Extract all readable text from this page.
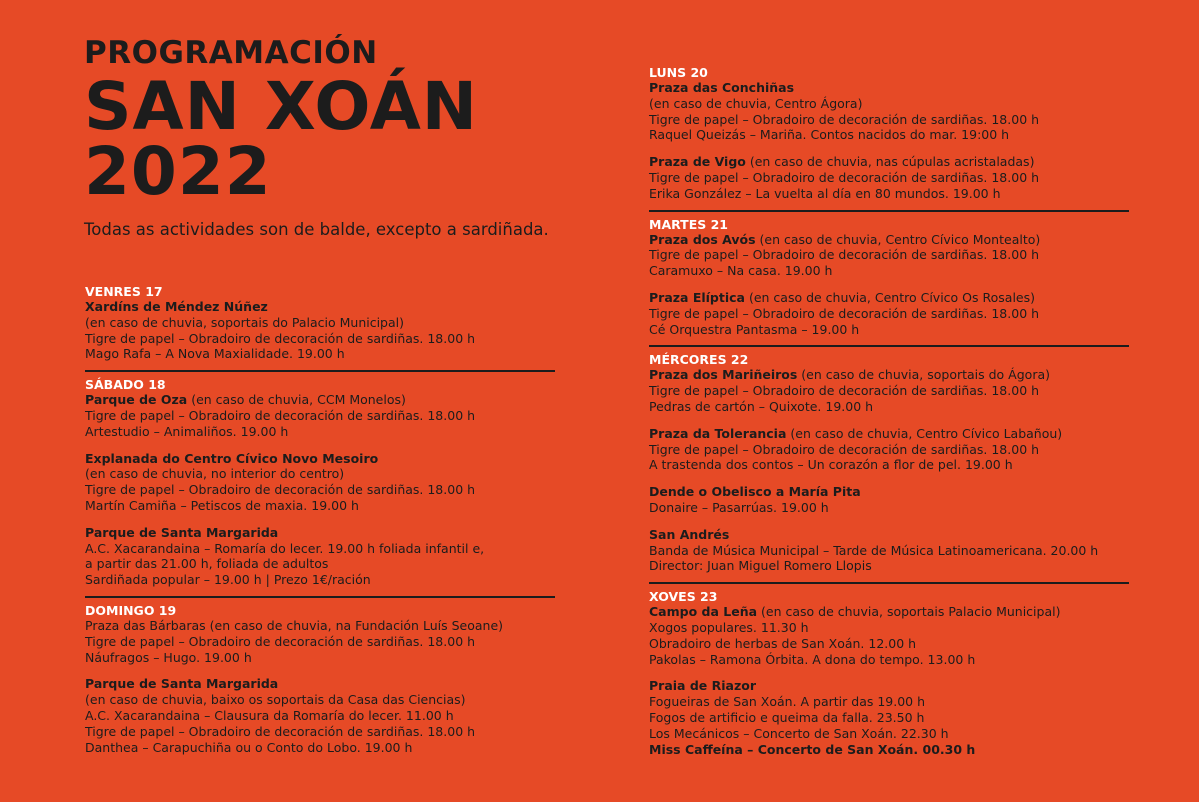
PROGRAMACIÓN
SAN XOÁN
2022
Todas as actividades son de balde, excepto a sardiñada.
VENRES 17
Xardíns de Méndez Núñez
(en caso de chuvia, soportais do Palacio Municipal)
Tigre de papel – Obradoiro de decoración de sardiñas. 18.00 h
Mago Rafa – A Nova Maxialidade. 19.00 h
SÁBADO 18
Parque de Oza (en caso de chuvia, CCM Monelos)
Tigre de papel – Obradoiro de decoración de sardiñas. 18.00 h
Artestudio – Animaliños. 19.00 h
Explanada do Centro Cívico Novo Mesoiro
(en caso de chuvia, no interior do centro)
Tigre de papel – Obradoiro de decoración de sardiñas. 18.00 h
Martín Camiña – Petiscos de maxia. 19.00 h
Parque de Santa Margarida
A.C. Xacarandaina – Romaría do lecer. 19.00 h foliada infantil e,
a partir das 21.00 h, foliada de adultos
Sardiñada popular – 19.00 h | Prezo 1€/ración
DOMINGO 19
Praza das Bárbaras (en caso de chuvia, na Fundación Luís Seoane)
Tigre de papel – Obradoiro de decoración de sardiñas. 18.00 h
Náufragos – Hugo. 19.00 h
Parque de Santa Margarida
(en caso de chuvia, baixo os soportais da Casa das Ciencias)
A.C. Xacarandaina – Clausura da Romaría do lecer. 11.00 h
Tigre de papel – Obradoiro de decoración de sardiñas. 18.00 h
Danthea – Carapuchiña ou o Conto do Lobo. 19.00 h
LUNS 20
Praza das Conchiñas
(en caso de chuvia, Centro Ágora)
Tigre de papel – Obradoiro de decoración de sardiñas. 18.00 h
Raquel Queizás – Mariña. Contos nacidos do mar. 19:00 h
Praza de Vigo (en caso de chuvia, nas cúpulas acristaladas)
Tigre de papel – Obradoiro de decoración de sardiñas. 18.00 h
Erika González – La vuelta al día en 80 mundos. 19.00 h
MARTES 21
Praza dos Avós (en caso de chuvia, Centro Cívico Montealto)
Tigre de papel – Obradoiro de decoración de sardiñas. 18.00 h
Caramuxo – Na casa. 19.00 h
Praza Elíptica (en caso de chuvia, Centro Cívico Os Rosales)
Tigre de papel – Obradoiro de decoración de sardiñas. 18.00 h
Cé Orquestra Pantasma – 19.00 h
MÉRCORES 22
Praza dos Mariñeiros (en caso de chuvia, soportais do Ágora)
Tigre de papel – Obradoiro de decoración de sardiñas. 18.00 h
Pedras de cartón – Quixote. 19.00 h
Praza da Tolerancia (en caso de chuvia, Centro Cívico Labañou)
Tigre de papel – Obradoiro de decoración de sardiñas. 18.00 h
A trastenda dos contos – Un corazón a flor de pel. 19.00 h
Dende o Obelisco a María Pita
Donaire – Pasarrúas. 19.00 h
San Andrés
Banda de Música Municipal – Tarde de Música Latinoamericana. 20.00 h
Director: Juan Miguel Romero Llopis
XOVES 23
Campo da Leña (en caso de chuvia, soportais Palacio Municipal)
Xogos populares. 11.30 h
Obradoiro de herbas de San Xoán. 12.00 h
Pakolas – Ramona Órbita. A dona do tempo. 13.00 h
Praia de Riazor
Fogueiras de San Xoán. A partir das 19.00 h
Fogos de artificio e queima da falla. 23.50 h
Los Mecánicos – Concerto de San Xoán. 22.30 h
Miss Caffeína – Concerto de San Xoán. 00.30 h
